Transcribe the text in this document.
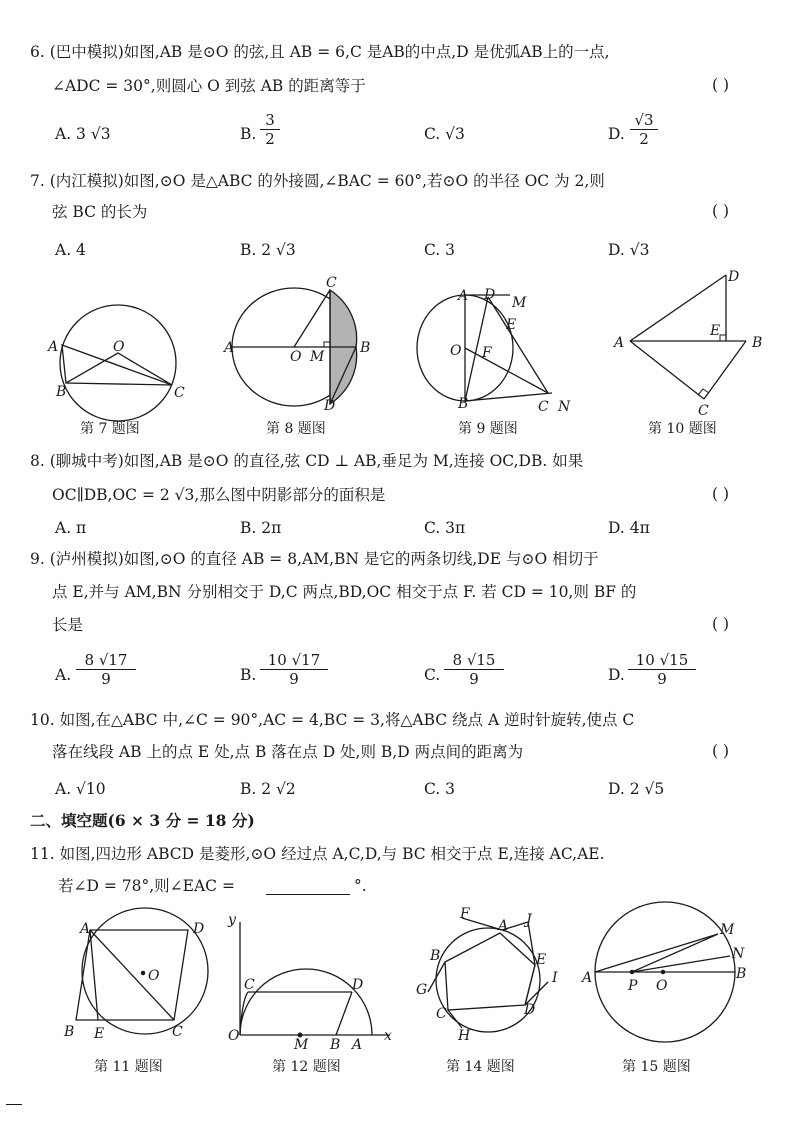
6. (巴中模拟)如图,AB 是⊙O 的弦,且 AB = 6,C 是AB的中点,D 是优弧AB上的一点,
∠ADC = 30°,则圆心 O 到弦 AB 的距离等于	( )
A. 3 √3	B.
3
2	C. √3	D.
√3
2
7. (内江模拟)如图,⊙O 是△ABC 的外接圆,∠BAC = 60°,若⊙O 的半径 OC 为 2,则
弦 BC 的长为	( )
A. 4	B. 2 √3	C. 3	D. √3
A	O
B	C
A
C
O M
B
D
A D M
E
O F
B	C N
D
A
E
B
C
第 7 题图	第 8 题图	第 9 题图	第 10 题图
8. (聊城中考)如图,AB 是⊙O 的直径,弦 CD ⊥ AB,垂足为 M,连接 OC,DB. 如果
OC∥DB,OC = 2 √3,那么图中阴影部分的面积是	( )
A. π	B. 2π	C. 3π	D. 4π
9. (泸州模拟)如图,⊙O 的直径 AB = 8,AM,BN 是它的两条切线,DE 与⊙O 相切于
点 E,并与 AM,BN 分别相交于 D,C 两点,BD,OC 相交于点 F. 若 CD = 10,则 BF 的
长是	( )
A.
8 √17
9	B.
10 √17
9	C.
8 √15
9	D.
10 √15
9
10. 如图,在△ABC 中,∠C = 90°,AC = 4,BC = 3,将△ABC 绕点 A 逆时针旋转,使点 C
落在线段 AB 上的点 E 处,点 B 落在点 D 处,则 B,D 两点间的距离为	( )
A. √10	B. 2 √2	C. 3	D. 2 √5
二、填空题(6 × 3 分 = 18 分)
11. 如图,四边形 ABCD 是菱形,⊙O 经过点 A,C,D,与 BC 相交于点 E,连接 AC,AE.
若∠D = 78°,则∠EAC =	°.
A	D
O
B E	C
y
C	D
O
M B A
x
F
A J
B	E
I
G
C	D
H
M
N
A	B
P O
第 11 题图	第 12 题图	第 14 题图	第 15 题图
